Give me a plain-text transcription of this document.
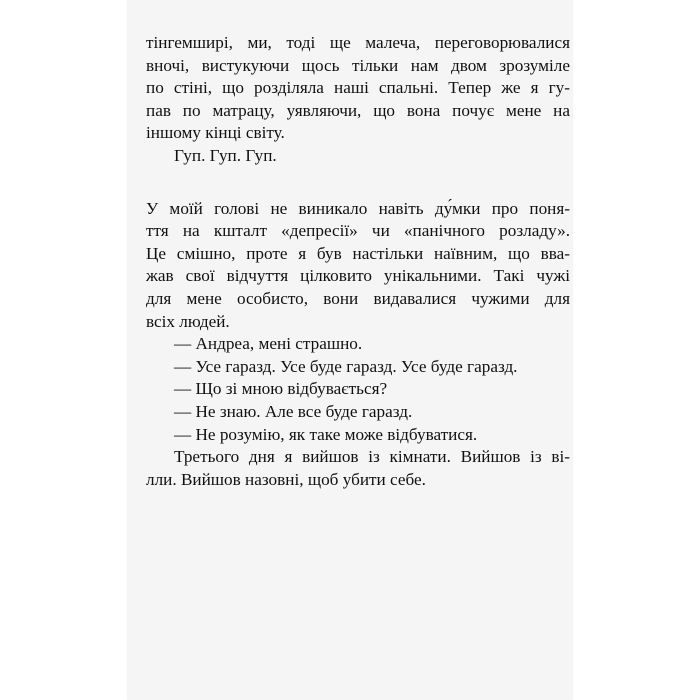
тінгемширі, ми, тоді ще малеча, переговорювалися
вночі, вистукуючи щось тільки нам двом зрозуміле
по стіні, що розділяла наші спальні. Тепер же я гу-
пав по матрацу, уявляючи, що вона почує мене на
іншому кінці світу.
Гуп. Гуп. Гуп.
У моїй голові не виникало навіть ду́мки про поня-
ття на кшталт «депресії» чи «панічного розладу».
Це смішно, проте я був настільки наївним, що вва-
жав свої відчуття цілковито унікальними. Такі чужі
для мене особисто, вони видавалися чужими для
всіх людей.
— Андреа, мені страшно.
— Усе гаразд. Усе буде гаразд. Усе буде гаразд.
— Що зі мною відбувається?
— Не знаю. Але все буде гаразд.
— Не розумію, як таке може відбуватися.
Третього дня я вийшов із кімнати. Вийшов із ві-
лли. Вийшов назовні, щоб убити себе.
